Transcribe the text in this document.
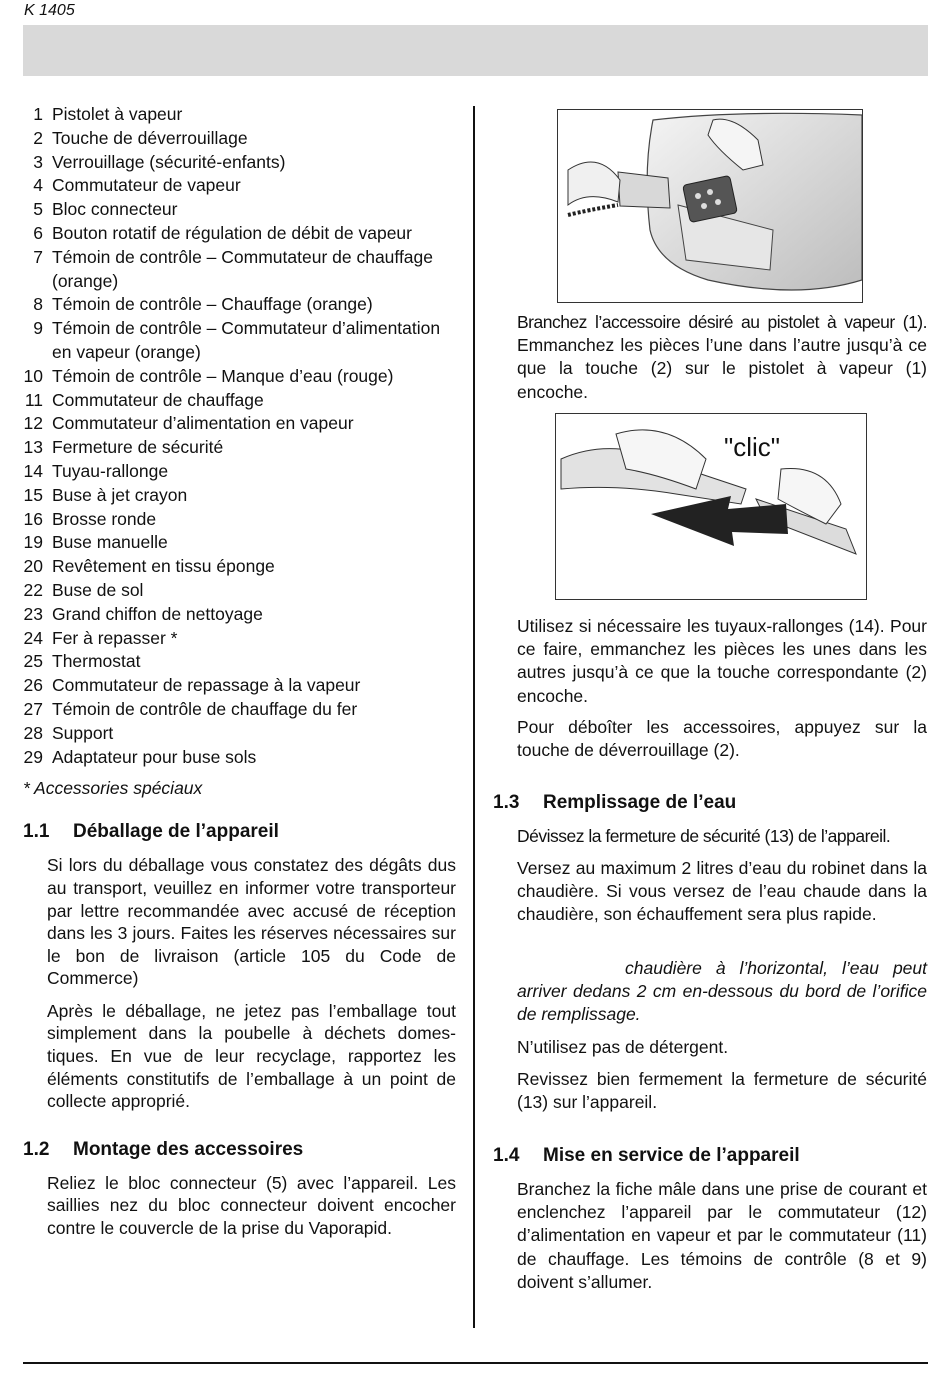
K 1405
1 Pistolet à vapeur
2 Touche de déverrouillage
3 Verrouillage (sécurité-enfants)
4 Commutateur de vapeur
5 Bloc connecteur
6 Bouton rotatif de régulation de débit de vapeur
7 Témoin de contrôle – Commutateur de chauffage (orange)
8 Témoin de contrôle – Chauffage (orange)
9 Témoin de contrôle – Commutateur d’alimentation en vapeur (orange)
10 Témoin de contrôle – Manque d’eau (rouge)
11 Commutateur de chauffage
12 Commutateur d’alimentation en vapeur
13 Fermeture de sécurité
14 Tuyau-rallonge
15 Buse à jet crayon
16 Brosse ronde
19 Buse manuelle
20 Revêtement en tissu éponge
22 Buse de sol
23 Grand chiffon de nettoyage
24 Fer à repasser *
25 Thermostat
26 Commutateur de repassage à la vapeur
27 Témoin de contrôle de chauffage du fer
28 Support
29 Adaptateur pour buse sols
* Accessories spéciaux
1.1 Déballage de l’appareil

Si lors du déballage vous constatez des dégâts dus au transport, veuillez en informer votre transporteur par lettre recommandée avec accusé de réception dans les 3 jours. Faites les réserves nécessaires sur le bon de livraison (article 105 du Code de Commerce)

Après le déballage, ne jetez pas l’emballage tout simplement dans la poubelle à déchets domes-tiques. En vue de leur recyclage, rapportez les éléments constitutifs de l’emballage à un point de collecte approprié.

1.2 Montage des accessoires

Reliez le bloc connecteur (5) avec l’appareil. Les saillies nez du bloc connecteur doivent encocher contre le couvercle de la prise du Vaporapid.

Branchez l’accessoire désiré au pistolet à vapeur (1). Emmanchez les pièces l’une dans l’autre jusqu’à ce que la touche (2) sur le pistolet à vapeur (1) encoche.

"clic"

Utilisez si nécessaire les tuyaux-rallonges (14). Pour ce faire, emmanchez les pièces les unes dans les autres jusqu’à ce que la touche correspondante (2) encoche.

Pour déboîter les accessoires, appuyez sur la touche de déverrouillage (2).

1.3 Remplissage de l’eau

Dévissez la fermeture de sécurité (13) de l’appareil.

Versez au maximum 2 litres d’eau du robinet dans la chaudière. Si vous versez de l’eau chaude dans la chaudière, son échauffement sera plus rapide.

chaudière à l’horizontal, l’eau peut arriver dedans 2 cm en-dessous du bord de l’orifice de remplissage.

N’utilisez pas de détergent.

Revissez bien fermement la fermeture de sécurité (13) sur l’appareil.

1.4 Mise en service de l’appareil

Branchez la fiche mâle dans une prise de courant et enclenchez l’appareil par le commutateur (12) d’alimentation en vapeur et par le commutateur (11) de chauffage. Les témoins de contrôle (8 et 9) doivent s’allumer.
